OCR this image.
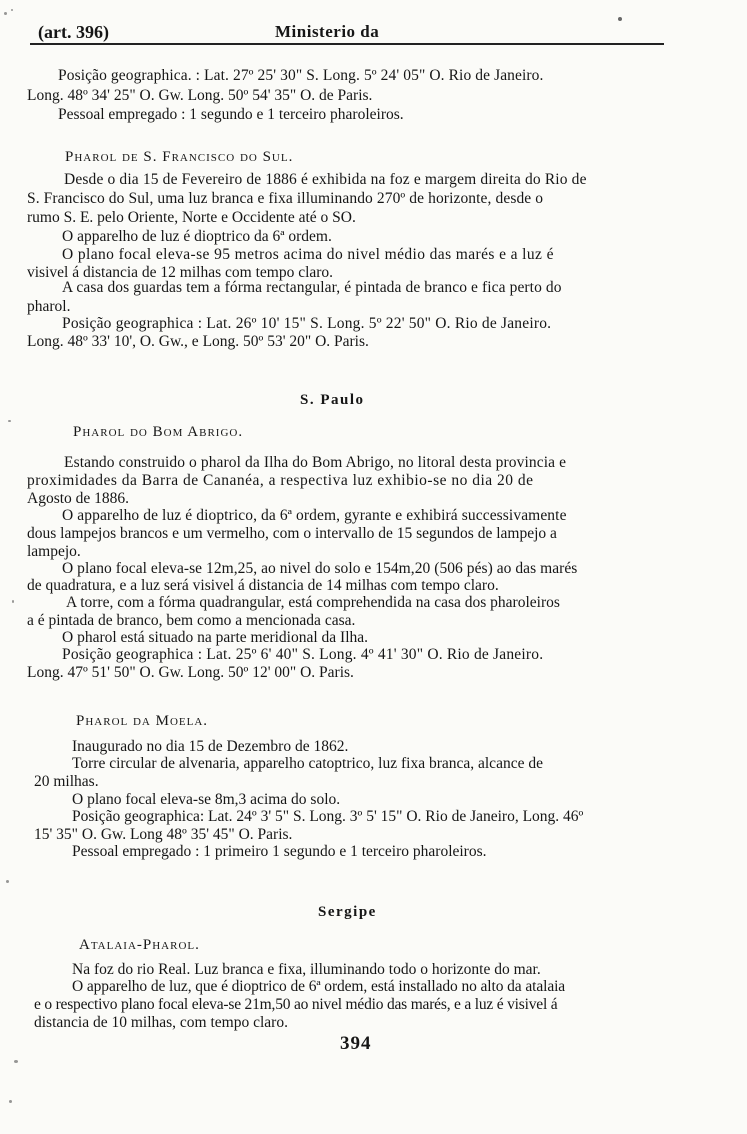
(art. 396)	Ministerio da
Posição geographica. : Lat. 27º 25' 30" S. Long. 5º 24' 05" O. Rio de Janeiro.
Long. 48º 34' 25" O. Gw. Long. 50º 54' 35" O. de Paris.
Pessoal empregado : 1 segundo e 1 terceiro pharoleiros.
Pharol de S. Francisco do Sul.
Desde o dia 15 de Fevereiro de 1886 é exhibida na foz e margem direita do Rio de
S. Francisco do Sul, uma luz branca e fixa illuminando 270º de horizonte, desde o
rumo S. E. pelo Oriente, Norte e Occidente até o SO.
O apparelho de luz é dioptrico da 6ª ordem.
O plano focal eleva-se 95 metros acima do nivel médio das marés e a luz é
visivel á distancia de 12 milhas com tempo claro.
A casa dos guardas tem a fórma rectangular, é pintada de branco e fica perto do
pharol.
Posição geographica : Lat. 26º 10' 15" S. Long. 5º 22' 50" O. Rio de Janeiro.
Long. 48º 33' 10', O. Gw., e Long. 50º 53' 20" O. Paris.
S. Paulo
Pharol do Bom Abrigo.
Estando construido o pharol da Ilha do Bom Abrigo, no litoral desta provincia e
proximidades da Barra de Cananéa, a respectiva luz exhibio-se no dia 20 de
Agosto de 1886.
O apparelho de luz é dioptrico, da 6ª ordem, gyrante e exhibirá successivamente
dous lampejos brancos e um vermelho, com o intervallo de 15 segundos de lampejo a
lampejo.
O plano focal eleva-se 12m,25, ao nivel do solo e 154m,20 (506 pés) ao das marés
de quadratura, e a luz será visivel á distancia de 14 milhas com tempo claro.
A torre, com a fórma quadrangular, está comprehendida na casa dos pharoleiros
a é pintada de branco, bem como a mencionada casa.
O pharol está situado na parte meridional da Ilha.
Posição geographica : Lat. 25º 6' 40" S. Long. 4º 41' 30" O. Rio de Janeiro.
Long. 47º 51' 50" O. Gw. Long. 50º 12' 00" O. Paris.
Pharol da Moela.
Inaugurado no dia 15 de Dezembro de 1862.
Torre circular de alvenaria, apparelho catoptrico, luz fixa branca, alcance de
20 milhas.
O plano focal eleva-se 8m,3 acima do solo.
Posição geographica: Lat. 24º 3' 5" S. Long. 3º 5' 15" O. Rio de Janeiro, Long. 46º
15' 35" O. Gw. Long 48º 35' 45" O. Paris.
Pessoal empregado : 1 primeiro 1 segundo e 1 terceiro pharoleiros.
Sergipe
Atalaia-Pharol.
Na foz do rio Real. Luz branca e fixa, illuminando todo o horizonte do mar.
O apparelho de luz, que é dioptrico de 6ª ordem, está installado no alto da atalaia
e o respectivo plano focal eleva-se 21m,50 ao nivel médio das marés, e a luz é visivel á
distancia de 10 milhas, com tempo claro.
394
